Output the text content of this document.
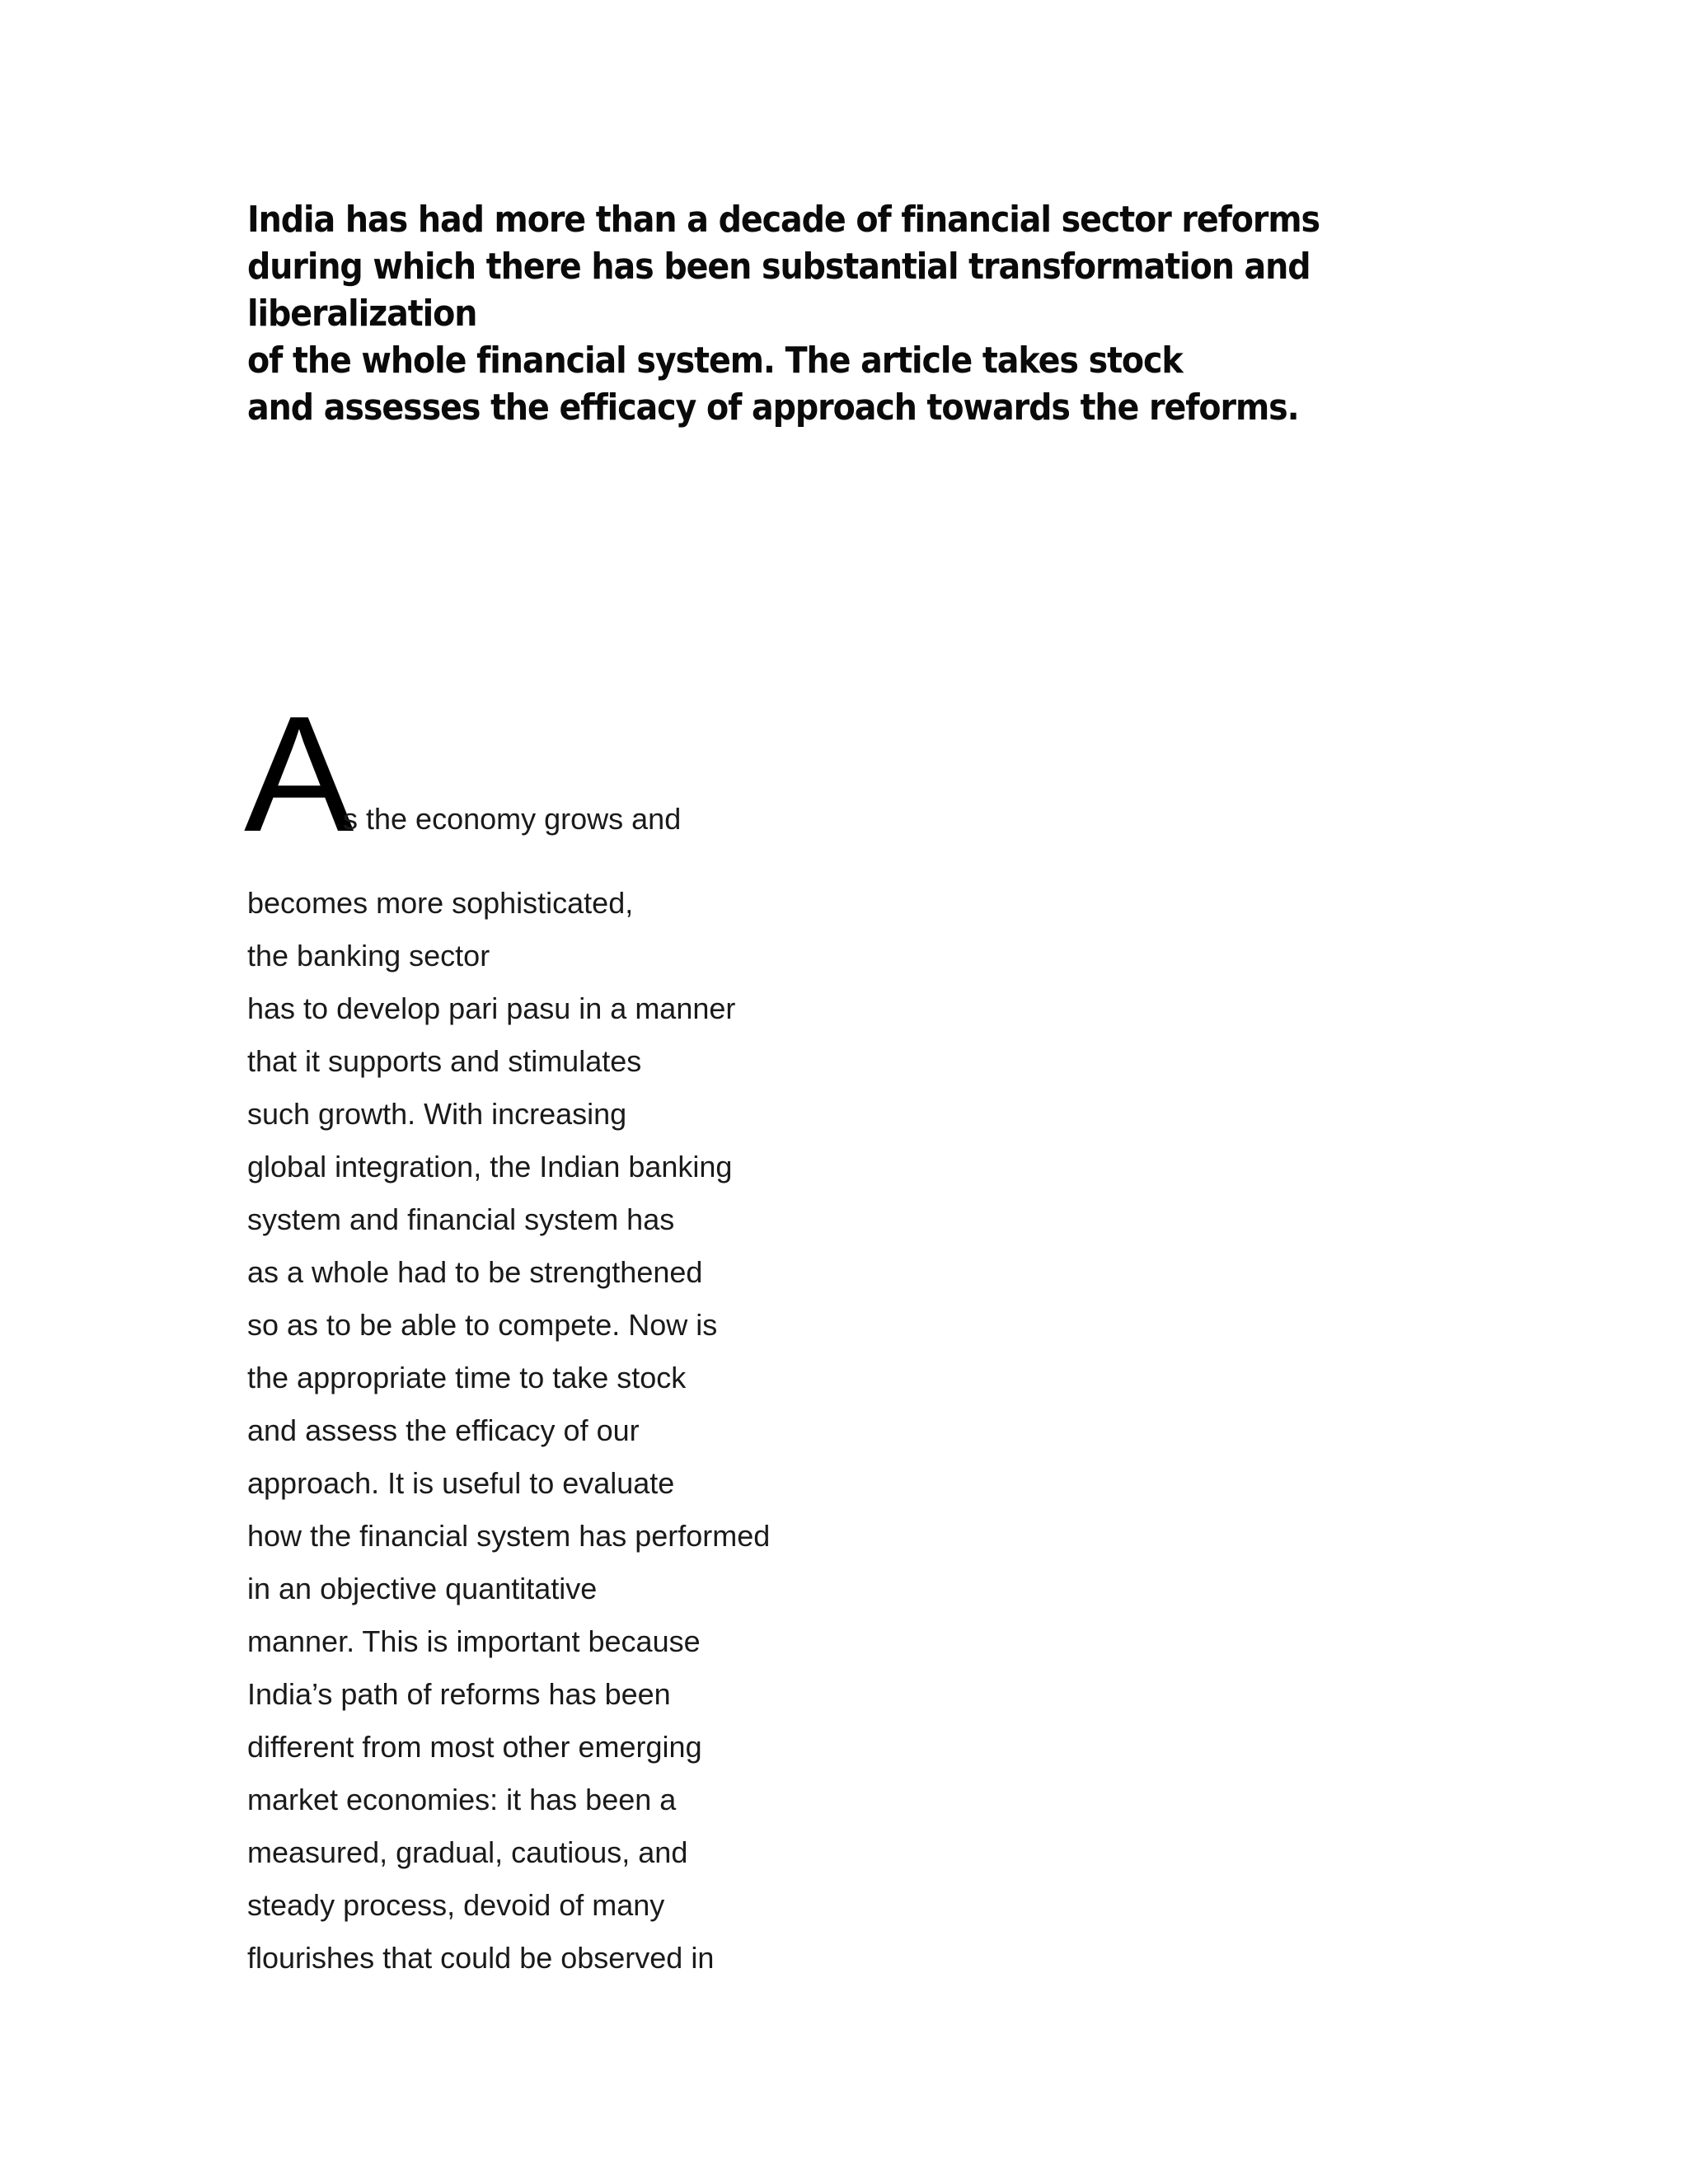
India has had more than a decade of financial sector reforms
during which there has been substantial transformation and
liberalization
of the whole financial system. The article takes stock
and assesses the efficacy of approach towards the reforms.
A
s the economy grows and
becomes more sophisticated,
the banking sector
has to develop pari pasu in a manner
that it supports and stimulates
such growth. With increasing
global integration, the Indian banking
system and financial system has
as a whole had to be strengthened
so as to be able to compete. Now is
the appropriate time to take stock
and assess the efficacy of our
approach. It is useful to evaluate
how the financial system has performed
in an objective quantitative
manner. This is important because
India’s path of reforms has been
different from most other emerging
market economies: it has been a
measured, gradual, cautious, and
steady process, devoid of many
flourishes that could be observed in
